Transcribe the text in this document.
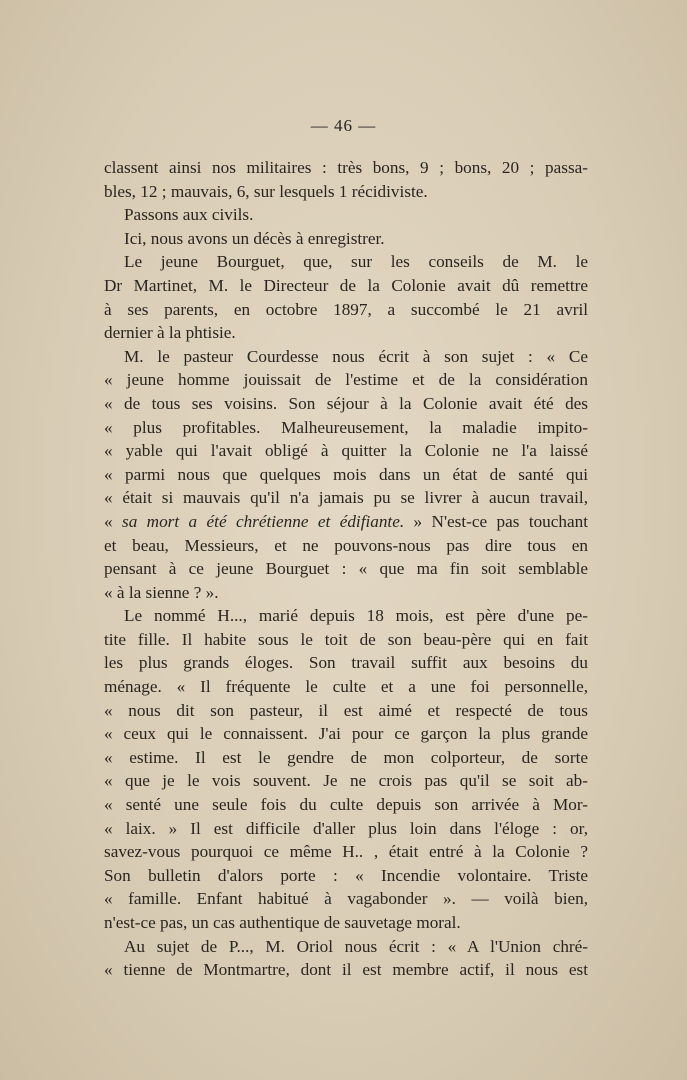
— 46 —
classent ainsi nos militaires : très bons, 9 ; bons, 20 ; passa-
bles, 12 ; mauvais, 6, sur lesquels 1 récidiviste.
Passons aux civils.
Ici, nous avons un décès à enregistrer.
Le jeune Bourguet, que, sur les conseils de M. le
Dr Martinet, M. le Directeur de la Colonie avait dû remettre
à ses parents, en octobre 1897, a succombé le 21 avril
dernier à la phtisie.
M. le pasteur Courdesse nous écrit à son sujet : « Ce
« jeune homme jouissait de l'estime et de la considération
« de tous ses voisins. Son séjour à la Colonie avait été des
« plus profitables. Malheureusement, la maladie impito-
« yable qui l'avait obligé à quitter la Colonie ne l'a laissé
« parmi nous que quelques mois dans un état de santé qui
« était si mauvais qu'il n'a jamais pu se livrer à aucun travail,
« sa mort a été chrétienne et édifiante. » N'est-ce pas touchant
et beau, Messieurs, et ne pouvons-nous pas dire tous en
pensant à ce jeune Bourguet : « que ma fin soit semblable
« à la sienne ? ».
Le nommé H..., marié depuis 18 mois, est père d'une pe-
tite fille. Il habite sous le toit de son beau-père qui en fait
les plus grands éloges. Son travail suffit aux besoins du
ménage. « Il fréquente le culte et a une foi personnelle,
« nous dit son pasteur, il est aimé et respecté de tous
« ceux qui le connaissent. J'ai pour ce garçon la plus grande
« estime. Il est le gendre de mon colporteur, de sorte
« que je le vois souvent. Je ne crois pas qu'il se soit ab-
« senté une seule fois du culte depuis son arrivée à Mor-
« laix. » Il est difficile d'aller plus loin dans l'éloge : or,
savez-vous pourquoi ce même H.. , était entré à la Colonie ?
Son bulletin d'alors porte : « Incendie volontaire. Triste
« famille. Enfant habitué à vagabonder ». — voilà bien,
n'est-ce pas, un cas authentique de sauvetage moral.
Au sujet de P..., M. Oriol nous écrit : « A l'Union chré-
« tienne de Montmartre, dont il est membre actif, il nous est
